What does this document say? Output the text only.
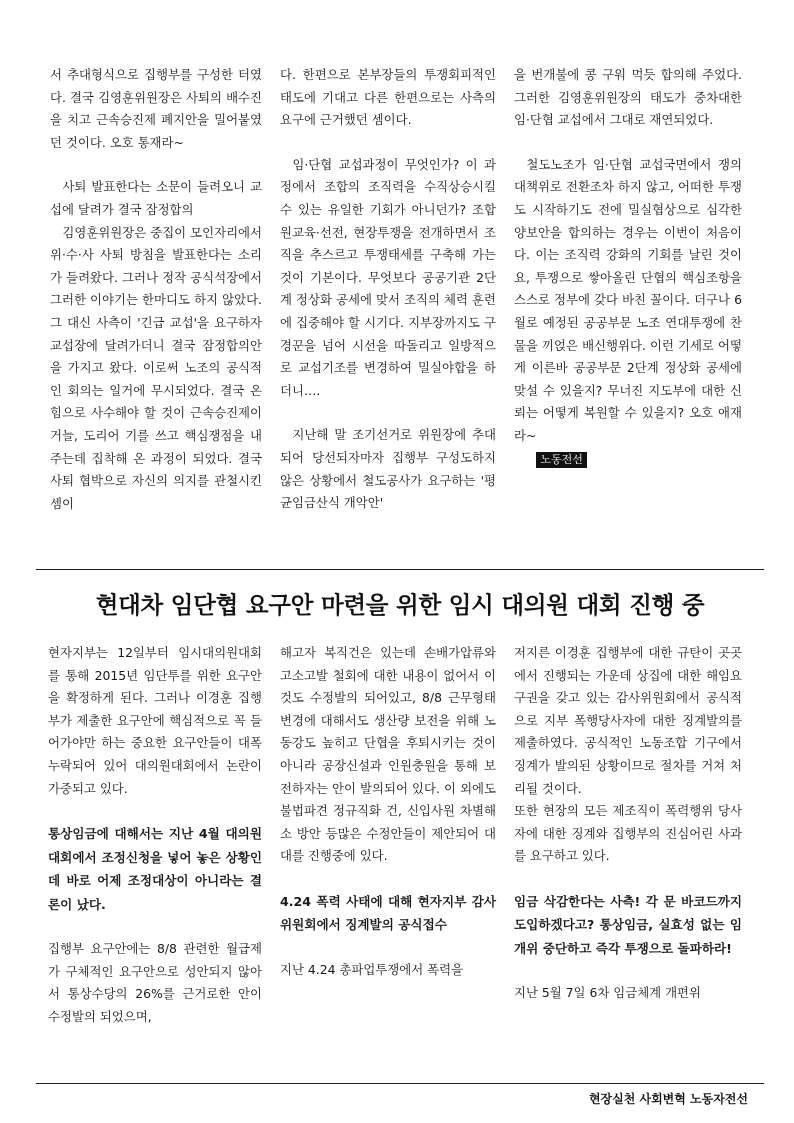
서 추대형식으로 집행부를 구성한 터였다. 결국 김영훈위원장은 사퇴의 배수진을 치고 근속승진제 폐지안을 밀어붙였던 것이다. 오호 통재라~

사퇴 발표한다는 소문이 들려오니 교섭에 달려가 결국 잠정합의

김영훈위원장은 중집이 모인자리에서 위·수·사 사퇴 방침을 발표한다는 소리가 들려왔다. 그러나 정작 공식석장에서 그러한 이야기는 한마디도 하지 않았다. 그 대신 사측이 '긴급 교섭'을 요구하자 교섭장에 달려가더니 결국 잠정합의안을 가지고 왔다. 이로써 노조의 공식적인 회의는 일거에 무시되었다. 결국 온힘으로 사수해야 할 것이 근속승진제이거늘, 도리어 기를 쓰고 핵심쟁점을 내주는데 집착해 온 과정이 되었다. 결국 사퇴 협박으로 자신의 의지를 관철시킨 셈이

다. 한편으로 본부장들의 투쟁회피적인 태도에 기대고 다른 한편으로는 사측의 요구에 근거했던 셈이다.

임·단협 교섭과정이 무엇인가? 이 과정에서 조합의 조직력을 수직상승시킬 수 있는 유일한 기회가 아니던가? 조합원교육·선전, 현장투쟁을 전개하면서 조직을 추스르고 투쟁태세를 구축해 가는 것이 기본이다. 무엇보다 공공기관 2단계 정상화 공세에 맞서 조직의 체력 훈련에 집중해야 할 시기다. 지부장까지도 구경꾼을 넘어 시선을 따돌리고 일방적으로 교섭기조를 변경하여 밀실야합을 하더니….

지난해 말 조기선거로 위원장에 추대되어 당선되자마자 집행부 구성도하지 않은 상황에서 철도공사가 요구하는 '평균임금산식 개악안'

을 번개불에 콩 구워 먹듯 합의해 주었다. 그러한 김영훈위원장의 태도가 중차대한 임·단협 교섭에서 그대로 재연되었다.

철도노조가 임·단협 교섭국면에서 쟁의대책위로 전환조차 하지 않고, 어떠한 투쟁도 시작하기도 전에 밀실협상으로 심각한 양보안을 합의하는 경우는 이번이 처음이다. 이는 조직력 강화의 기회를 날린 것이요, 투쟁으로 쌓아올린 단협의 핵심조항을 스스로 정부에 갖다 바친 꼴이다. 더구나 6월로 예정된 공공부문 노조 연대투쟁에 찬물을 끼얹은 배신행위다. 이런 기세로 어떻게 이른바 공공부문 2단계 정상화 공세에 맞설 수 있을지? 무너진 지도부에 대한 신뢰는 어떻게 복원할 수 있을지? 오호 애재라~

노동전선

현대차 임단협 요구안 마련을 위한 임시 대의원 대회 진행 중

현자지부는 12일부터 임시대의원대회를 통해 2015년 임단투를 위한 요구안을 확정하게 된다. 그러나 이경훈 집행부가 제출한 요구안에 핵심적으로 꼭 들어가야만 하는 중요한 요구안들이 대폭 누락되어 있어 대의원대회에서 논란이 가중되고 있다.

통상임금에 대해서는 지난 4월 대의원대회에서 조정신청을 넣어 놓은 상황인데 바로 어제 조정대상이 아니라는 결론이 났다.

집행부 요구안에는 8/8 관련한 월급제가 구체적인 요구안으로 성안되지 않아서 통상수당의 26%를 근거로한 안이 수정발의 되었으며,

해고자 복직건은 있는데 손배가압류와 고소고발 철회에 대한 내용이 없어서 이것도 수정발의 되어있고, 8/8 근무형태 변경에 대해서도 생산량 보전을 위해 노동강도 높히고 단협을 후퇴시키는 것이 아니라 공장신설과 인원충원을 통해 보전하자는 안이 발의되어 있다. 이 외에도 불법파견 정규직화 건, 신입사원 차별해소 방안 등많은 수정안들이 제안되어 대대를 진행중에 있다.

4.24 폭력 사태에 대해 현자지부 감사위원회에서 징계발의 공식접수

지난 4.24 총파업투쟁에서 폭력을

저지른 이경훈 집행부에 대한 규탄이 곳곳에서 진행되는 가운데 상집에 대한 해임요구권을 갖고 있는 감사위원회에서 공식적으로 지부 폭행당사자에 대한 징계발의를 제출하였다. 공식적인 노동조합 기구에서 징계가 발의된 상황이므로 절차를 거쳐 처리될 것이다.

또한 현장의 모든 제조직이 폭력행위 당사자에 대한 징계와 집행부의 진심어린 사과를 요구하고 있다.

임금 삭감한다는 사측! 각 문 바코드까지 도입하겠다고? 통상임금, 실효성 없는 임개위 중단하고 즉각 투쟁으로 돌파하라!

지난 5월 7일 6차 임금체계 개편위

현장실천 사회변혁 노동자전선
